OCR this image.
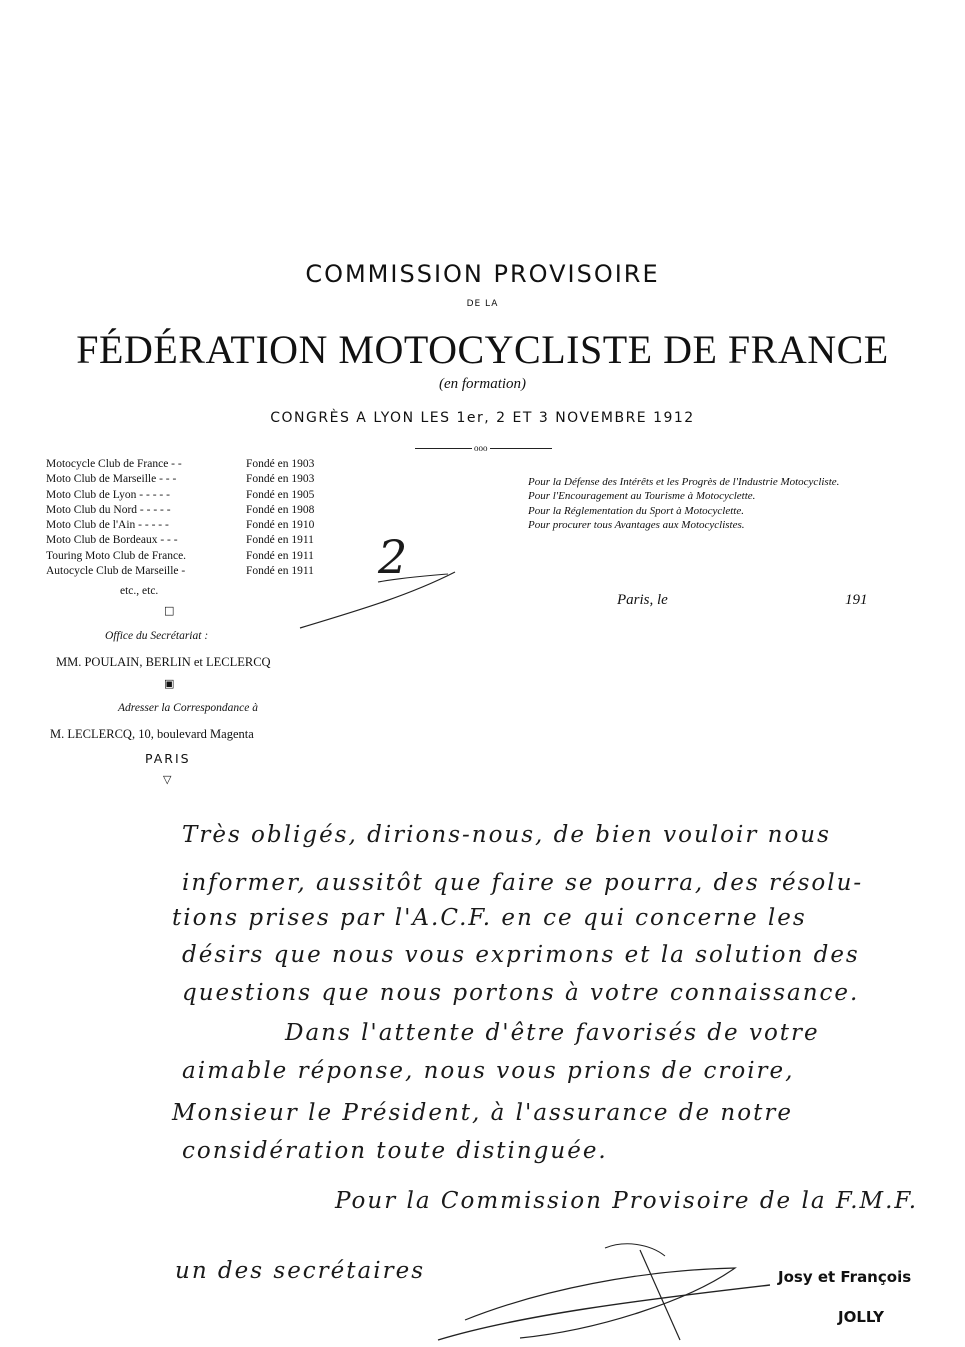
COMMISSION PROVISOIRE
DE LA
FÉDÉRATION MOTOCYCLISTE DE FRANCE
(en formation)
CONGRÈS A LYON LES 1er, 2 ET 3 NOVEMBRE 1912
ooo
Motocycle Club de France - -	Fondé en 1903
Moto Club de Marseille - - -	Fondé en 1903
Moto Club de Lyon - - - - -	Fondé en 1905
Moto Club du Nord - - - - -	Fondé en 1908
Moto Club de l'Ain - - - - -	Fondé en 1910
Moto Club de Bordeaux - - -	Fondé en 1911
Touring Moto Club de France.	Fondé en 1911
Autocycle Club de Marseille -	Fondé en 1911
etc., etc.
□
Office du Secrétariat :
MM. POULAIN, BERLIN et LECLERCQ
▣
Adresser la Correspondance à
M. LECLERCQ, 10, boulevard Magenta
PARIS
▽
Pour la Défense des Intérêts et les Progrès de l'Industrie Motocycliste.
Pour l'Encouragement au Tourisme à Motocyclette.
Pour la Réglementation du Sport à Motocyclette.
Pour procurer tous Avantages aux Motocyclistes.
Paris, le	191
2
Très obligés, dirions-nous, de bien vouloir nous
informer, aussitôt que faire se pourra, des résolu-
tions prises par l'A.C.F. en ce qui concerne les
désirs que nous vous exprimons et la solution des
questions que nous portons à votre connaissance.
Dans l'attente d'être favorisés de votre
aimable réponse, nous vous prions de croire,
Monsieur le Président, à l'assurance de notre
considération toute distinguée.
Pour la Commission Provisoire de la F.M.F.
un des secrétaires	Josy et François
JOLLY
